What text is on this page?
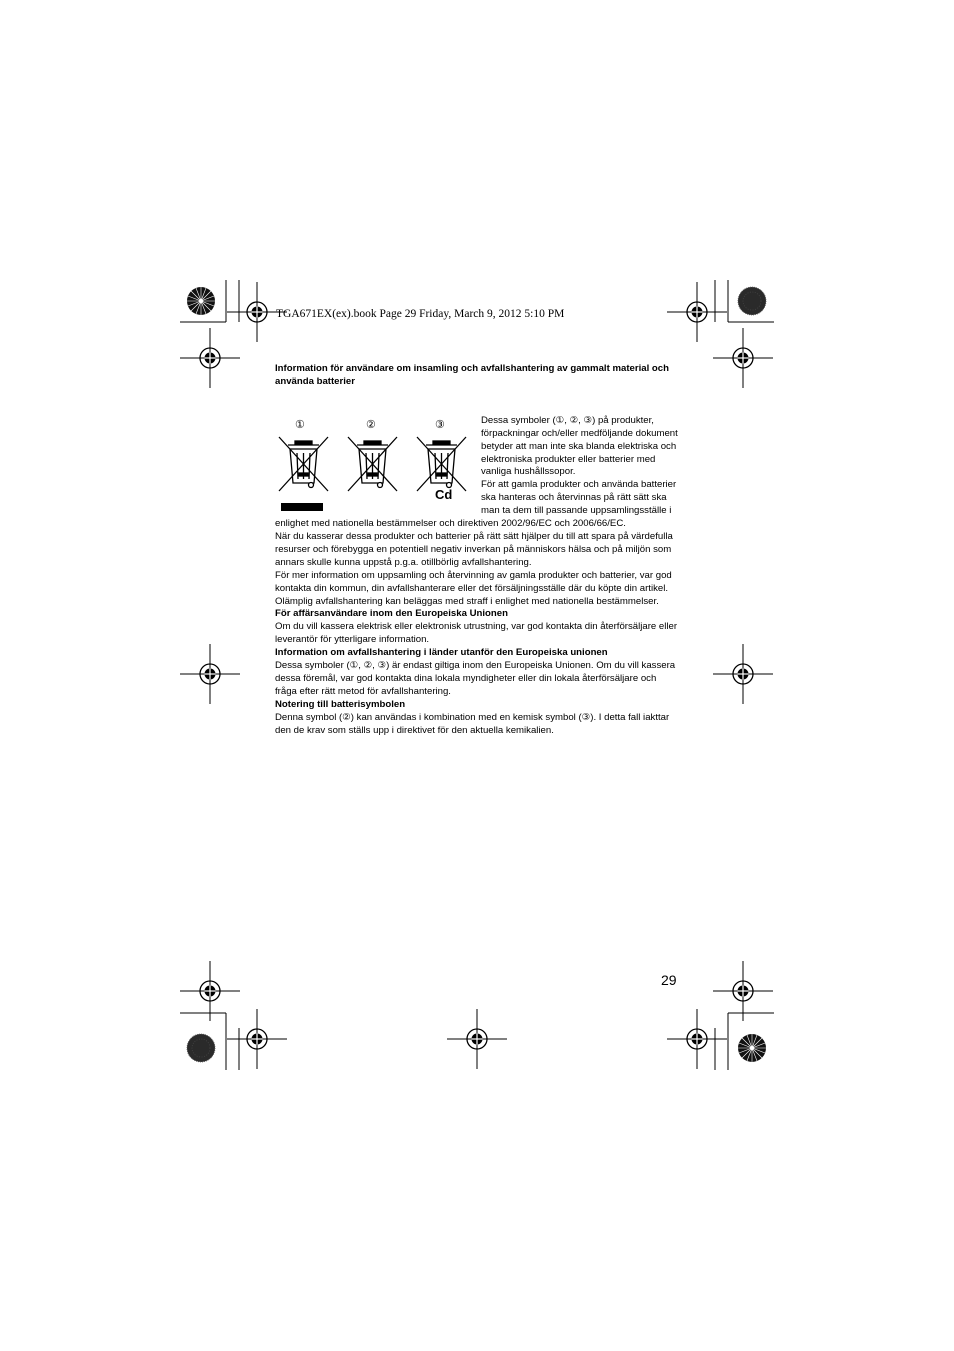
TGA671EX(ex).book Page 29 Friday, March 9, 2012 5:10 PM

Information för användare om insamling och avfallshantering av gammalt material och använda batterier

①	②	③
Cd

Dessa symboler (①, ②, ③) på produkter, förpackningar och/eller medföljande dokument betyder att man inte ska blanda elektriska och elektroniska produkter eller batterier med vanliga hushållssopor.

För att gamla produkter och använda batterier ska hanteras och återvinnas på rätt sätt ska man ta dem till passande uppsamlingsställe i enlighet med nationella bestämmelser och direktiven 2002/96/EC och 2006/66/EC.

När du kasserar dessa produkter och batterier på rätt sätt hjälper du till att spara på värdefulla resurser och förebygga en potentiell negativ inverkan på människors hälsa och på miljön som annars skulle kunna uppstå p.g.a. otillbörlig avfallshantering.

För mer information om uppsamling och återvinning av gamla produkter och batterier, var god kontakta din kommun, din avfallshanterare eller det försäljningsställe där du köpte din artikel.

Olämplig avfallshantering kan beläggas med straff i enlighet med nationella bestämmelser.

För affärsanvändare inom den Europeiska Unionen

Om du vill kassera elektrisk eller elektronisk utrustning, var god kontakta din återförsäljare eller leverantör för ytterligare information.

Information om avfallshantering i länder utanför den Europeiska unionen

Dessa symboler (①, ②, ③) är endast giltiga inom den Europeiska Unionen. Om du vill kassera dessa föremål, var god kontakta dina lokala myndigheter eller din lokala återförsäljare och fråga efter rätt metod för avfallshantering.

Notering till batterisymbolen

Denna symbol (②) kan användas i kombination med en kemisk symbol (③). I detta fall iakttar den de krav som ställs upp i direktivet för den aktuella kemikalien.

29
